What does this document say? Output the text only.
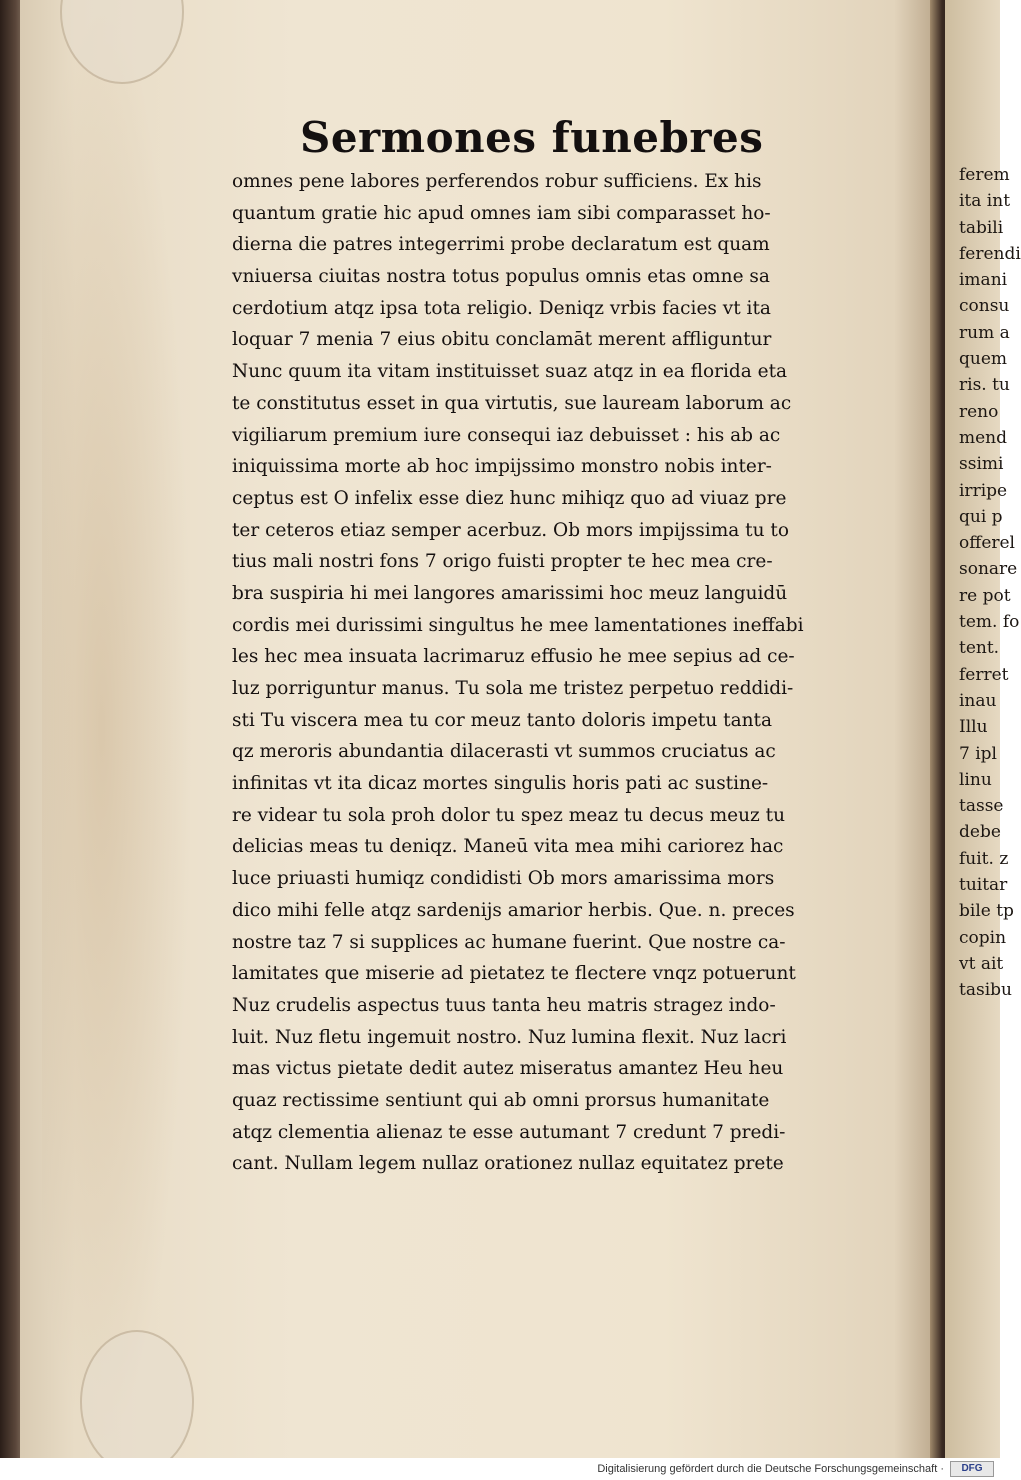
Sermones funebres
omnes pene labores perferendos robur sufficiens. Ex his
quantum gratie hic apud omnes iam sibi comparasset ho-
dierna die patres integerrimi probe declaratum est quam
vniuersa ciuitas nostra totus populus omnis etas omne sa
cerdotium atqz ipsa tota religio. Deniqz vrbis facies vt ita
loquar 7 menia 7 eius obitu conclamāt merent affliguntur
Nunc quum ita vitam instituisset suaz atqz in ea florida eta
te constitutus esset in qua virtutis, sue lauream laborum ac
vigiliarum premium iure consequi iaz debuisset : his ab ac
iniquissima morte ab hoc impijssimo monstro nobis inter-
ceptus est O infelix esse diez hunc mihiqz quo ad viuaz pre
ter ceteros etiaz semper acerbuz. Ob mors impijssima tu to
tius mali nostri fons 7 origo fuisti propter te hec mea cre-
bra suspiria hi mei langores amarissimi hoc meuz languidū
cordis mei durissimi singultus he mee lamentationes ineffabi
les hec mea insuata lacrimaruz effusio he mee sepius ad ce-
luz porriguntur manus. Tu sola me tristez perpetuo reddidi-
sti Tu viscera mea tu cor meuz tanto doloris impetu tanta
qz meroris abundantia dilacerasti vt summos cruciatus ac
infinitas vt ita dicaz mortes singulis horis pati ac sustine-
re videar tu sola proh dolor tu spez meaz tu decus meuz tu
delicias meas tu deniqz. Maneū vita mea mihi cariorez hac
luce priuasti humiqz condidisti Ob mors amarissima mors
dico mihi felle atqz sardenijs amarior herbis. Que. n. preces
nostre taz 7 si supplices ac humane fuerint. Que nostre ca-
lamitates que miserie ad pietatez te flectere vnqz potuerunt
Nuz crudelis aspectus tuus tanta heu matris stragez indo-
luit. Nuz fletu ingemuit nostro. Nuz lumina flexit. Nuz lacri
mas victus pietate dedit autez miseratus amantez Heu heu
quaz rectissime sentiunt qui ab omni prorsus humanitate
atqz clementia alienaz te esse autumant 7 credunt 7 predi-
cant. Nullam legem nullaz orationez nullaz equitatez prete
ferem
ita int
tabili
ferendi
imani
consu
rum a
quem
ris. tu
reno
mend
ssimi
irripe
qui p
offerel
sonare
re pot
tem. fo
tent.
ferret
inau
Illu
7 ipl
linu
tasse
debe
fuit. z
tuitar
bile tp
copin
vt ait
tasibu
Digitalisierung gefördert durch die Deutsche Forschungsgemeinschaft ·	DFG
